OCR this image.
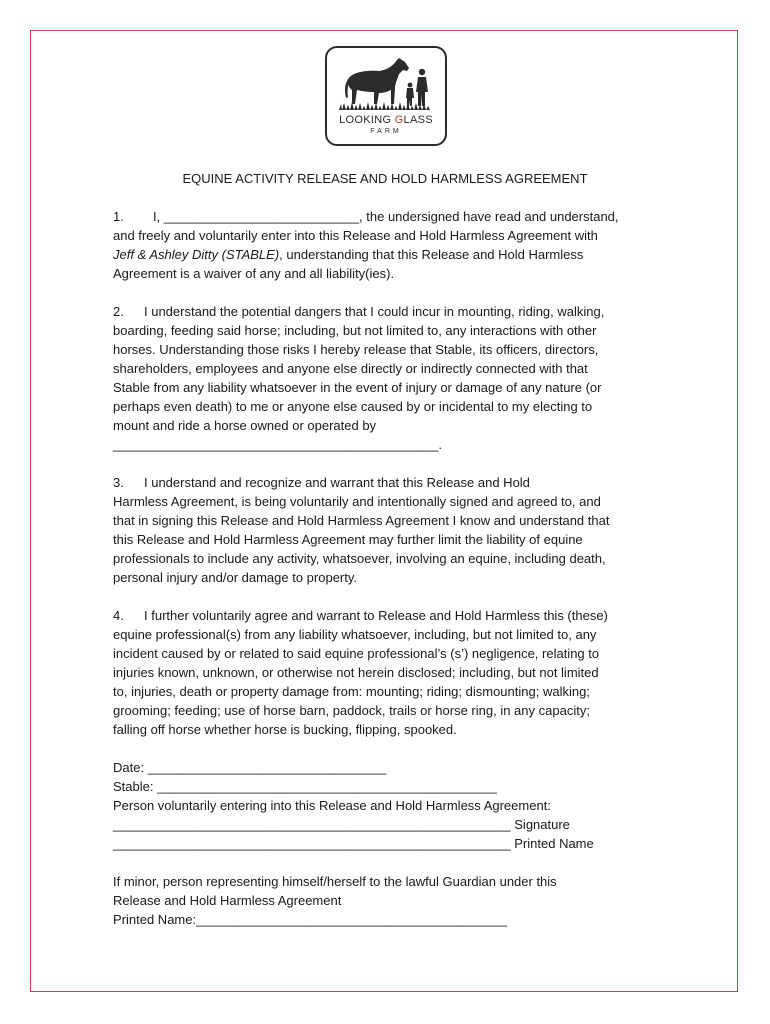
LOOKING GLASS
FARM
EQUINE ACTIVITY RELEASE AND HOLD HARMLESS AGREEMENT

1. I, ___________________________, the undersigned have read and understand,

and freely and voluntarily enter into this Release and Hold Harmless Agreement with

Jeff & Ashley Ditty (STABLE), understanding that this Release and Hold Harmless

Agreement is a waiver of any and all liability(ies).

2. I understand the potential dangers that I could incur in mounting, riding, walking,

boarding, feeding said horse; including, but not limited to, any interactions with other

horses. Understanding those risks I hereby release that Stable, its officers, directors,

shareholders, employees and anyone else directly or indirectly connected with that

Stable from any liability whatsoever in the event of injury or damage of any nature (or

perhaps even death) to me or anyone else caused by or incidental to my electing to

mount and ride a horse owned or operated by

_____________________________________________.

3. I understand and recognize and warrant that this Release and Hold

Harmless Agreement, is being voluntarily and intentionally signed and agreed to, and

that in signing this Release and Hold Harmless Agreement I know and understand that

this Release and Hold Harmless Agreement may further limit the liability of equine

professionals to include any activity, whatsoever, involving an equine, including death,

personal injury and/or damage to property.

4. I further voluntarily agree and warrant to Release and Hold Harmless this (these)

equine professional(s) from any liability whatsoever, including, but not limited to, any

incident caused by or related to said equine professional’s (s’) negligence, relating to

injuries known, unknown, or otherwise not herein disclosed; including, but not limited

to, injuries, death or property damage from: mounting; riding; dismounting; walking;

grooming; feeding; use of horse barn, paddock, trails or horse ring, in any capacity;

falling off horse whether horse is bucking, flipping, spooked.

Date: _________________________________

Stable: _______________________________________________

Person voluntarily entering into this Release and Hold Harmless Agreement:

_______________________________________________________ Signature

_______________________________________________________ Printed Name

If minor, person representing himself/herself to the lawful Guardian under this

Release and Hold Harmless Agreement

Printed Name:___________________________________________
